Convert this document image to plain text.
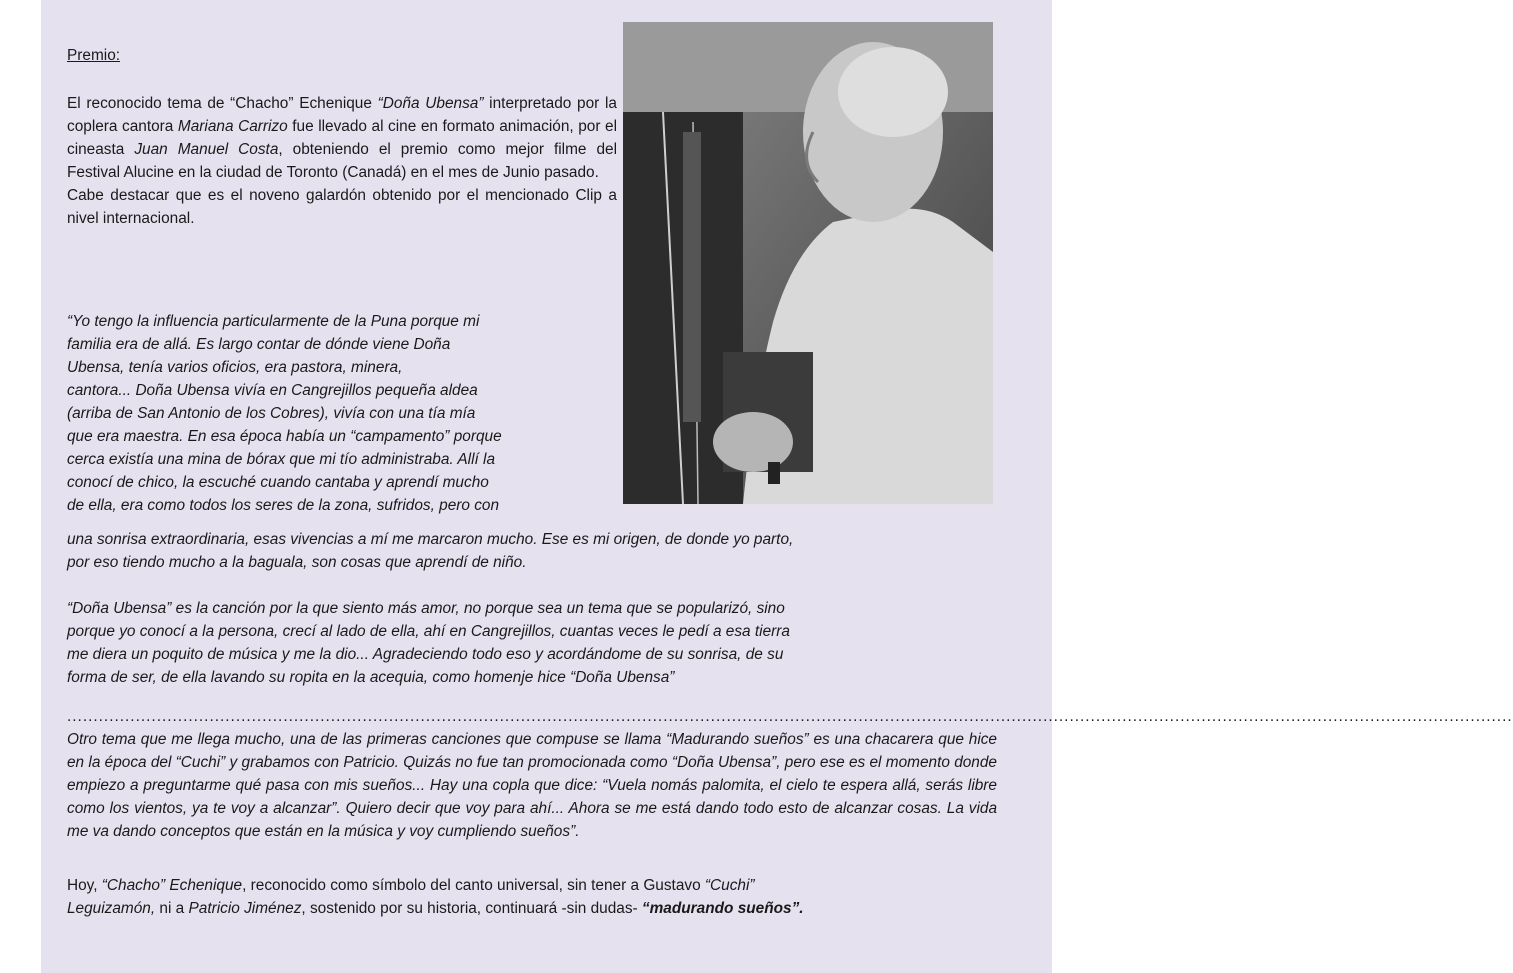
Premio:

El reconocido tema de “Chacho” Echenique “Doña Ubensa” interpretado por la coplera cantora Mariana Carrizo fue llevado al cine en formato animación, por el cineasta Juan Manuel Costa, obteniendo el premio como mejor filme del Festival Alucine en la ciudad de Toronto (Canadá) en el mes de Junio pasado.
Cabe destacar que es el noveno galardón obtenido por el mencionado Clip a nivel internacional.

“Yo tengo la influencia particularmente de la Puna porque mi
familia era de allá. Es largo contar de dónde viene Doña
Ubensa, tenía varios oficios, era pastora, minera,
cantora... Doña Ubensa vivía en Cangrejillos pequeña aldea
(arriba de San Antonio de los Cobres), vivía con una tía mía
que era maestra. En esa época había un “campamento” porque
cerca existía una mina de bórax que mi tío administraba. Allí la
conocí de chico, la escuché cuando cantaba y aprendí mucho
de ella, era como todos los seres de la zona, sufridos, pero con

una sonrisa extraordinaria, esas vivencias a mí me marcaron mucho. Ese es mi origen, de donde yo parto,
por eso tiendo mucho a la baguala, son cosas que aprendí de niño.

“Doña Ubensa” es la canción por la que siento más amor, no porque sea un tema que se popularizó, sino
porque yo conocí a la persona, crecí al lado de ella, ahí en Cangrejillos, cuantas veces le pedí a esa tierra
me diera un poquito de música y me la dio... Agradeciendo todo eso y acordándome de su sonrisa, de su
forma de ser, de ella lavando su ropita en la acequia, como homenje hice “Doña Ubensa”

..................................................................................................................................................................................................................................................................................

Otro tema que me llega mucho, una de las primeras canciones que compuse se llama “Madurando sueños” es una chacarera que hice en la época del “Cuchi” y grabamos con Patricio. Quizás no fue tan promocionada como “Doña Ubensa”, pero ese es el momento donde empiezo a preguntarme qué pasa con mis sueños... Hay una copla que dice: “Vuela nomás palomita, el cielo te espera allá, serás libre como los vientos, ya te voy a alcanzar”. Quiero decir que voy para ahí... Ahora se me está dando todo esto de alcanzar cosas. La vida me va dando conceptos que están en la música y voy cumpliendo sueños”.

Hoy, “Chacho” Echenique, reconocido como símbolo del canto universal, sin tener a Gustavo “Cuchi”
Leguizamón, ni a Patricio Jiménez, sostenido por su historia, continuará -sin dudas- “madurando sueños”.
